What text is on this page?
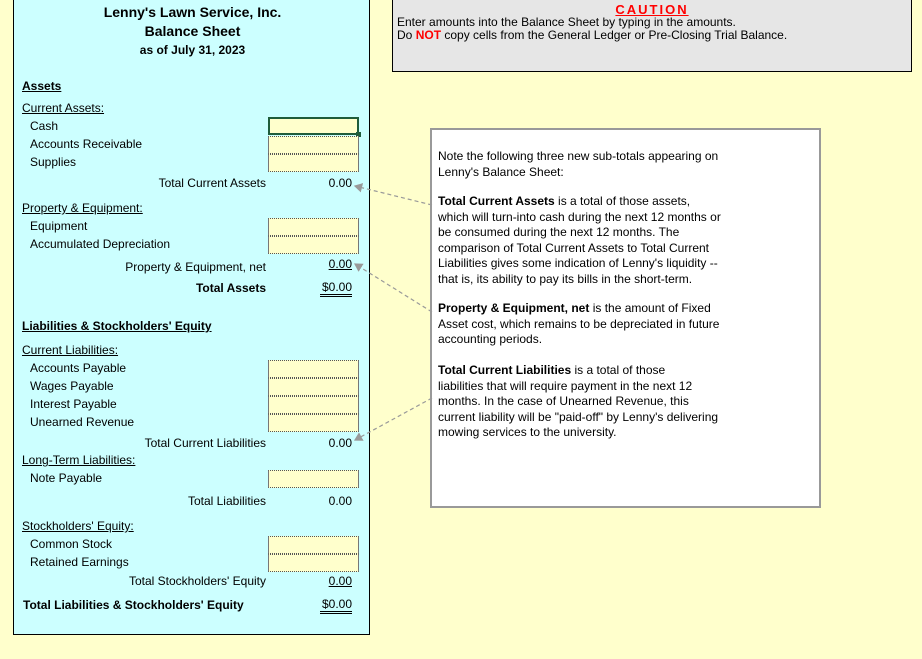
Lenny's Lawn Service, Inc.
Balance Sheet
as of July 31, 2023
Assets
Current Assets:
Cash
Accounts Receivable
Supplies
Total Current Assets	0.00
Property & Equipment:
Equipment
Accumulated Depreciation
Property & Equipment, net	0.00
Total Assets	$0.00
Liabilities & Stockholders' Equity
Current Liabilities:
Accounts Payable
Wages Payable
Interest Payable
Unearned Revenue
Total Current Liabilities	0.00
Long-Term Liabilities:
Note Payable
Total Liabilities	0.00
Stockholders' Equity:
Common Stock
Retained Earnings
Total Stockholders' Equity	0.00
Total Liabilities & Stockholders' Equity	$0.00
CAUTION
Enter amounts into the Balance Sheet by typing in the amounts.
Do NOT copy cells from the General Ledger or Pre-Closing Trial Balance.

Note the following three new sub-totals appearing on
Lenny's Balance Sheet:

Total Current Assets is a total of those assets,
which will turn-into cash during the next 12 months or
be consumed during the next 12 months. The
comparison of Total Current Assets to Total Current
Liabilities gives some indication of Lenny's liquidity --
that is, its ability to pay its bills in the short-term.

Property & Equipment, net is the amount of Fixed
Asset cost, which remains to be depreciated in future
accounting periods.

Total Current Liabilities is a total of those
liabilities that will require payment in the next 12
months. In the case of Unearned Revenue, this
current liability will be "paid-off" by Lenny's delivering
mowing services to the university.
